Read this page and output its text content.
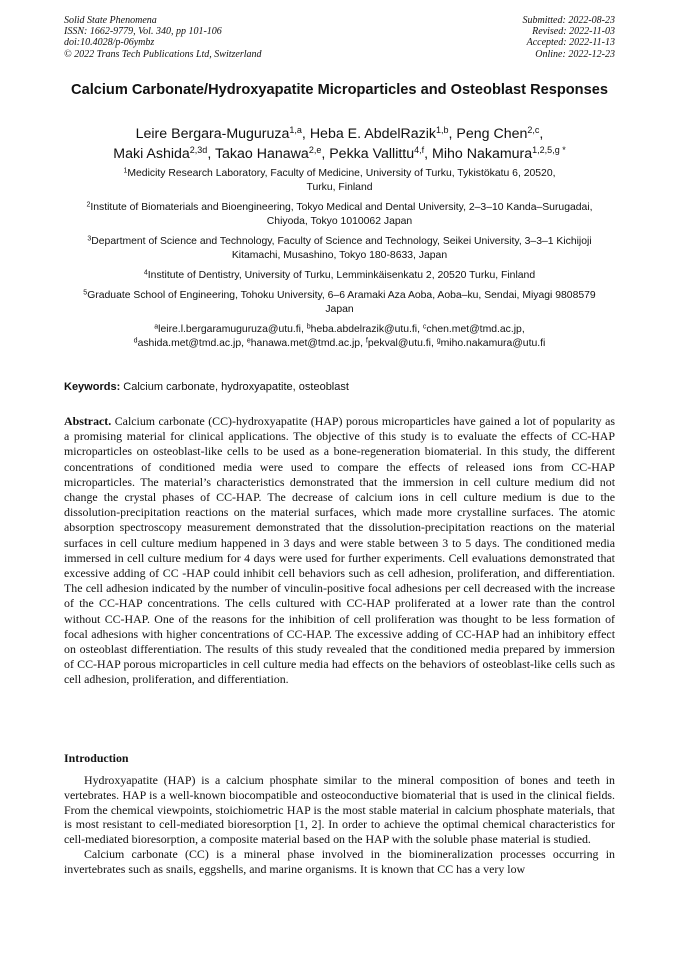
Solid State Phenomena
ISSN: 1662-9779, Vol. 340, pp 101-106
doi:10.4028/p-06ymbz
© 2022 Trans Tech Publications Ltd, Switzerland
Submitted: 2022-08-23
Revised: 2022-11-03
Accepted: 2022-11-13
Online: 2022-12-23
Calcium Carbonate/Hydroxyapatite Microparticles and Osteoblast Responses
Leire Bergara-Muguruza$^{1,a}$, Heba E. AbdelRazik$^{1,b}$, Peng Chen$^{2,c}$,
Maki Ashida$^{2,3d}$, Takao Hanawa$^{2,e}$, Pekka Vallittu$^{4,f}$, Miho Nakamura$^{1,2,5,g *}$
$^1$Medicity Research Laboratory, Faculty of Medicine, University of Turku, Tykistökatu 6, 20520, Turku, Finland
$^2$Institute of Biomaterials and Bioengineering, Tokyo Medical and Dental University, 2–3–10 Kanda–Surugadai, Chiyoda, Tokyo 1010062 Japan
$^3$Department of Science and Technology, Faculty of Science and Technology, Seikei University, 3–3–1 Kichijoji Kitamachi, Musashino, Tokyo 180-8633, Japan
$^4$Institute of Dentistry, University of Turku, Lemminkäisenkatu 2, 20520 Turku, Finland
$^5$Graduate School of Engineering, Tohoku University, 6–6 Aramaki Aza Aoba, Aoba–ku, Sendai, Miyagi 9808579 Japan
$^a$leire.l.bergaramuguruza@utu.fi, $^b$heba.abdelrazik@utu.fi, $^c$chen.met@tmd.ac.jp,
$^d$ashida.met@tmd.ac.jp, $^e$hanawa.met@tmd.ac.jp, $^f$pekval@utu.fi, $^g$miho.nakamura@utu.fi
Keywords: Calcium carbonate, hydroxyapatite, osteoblast

Abstract. Calcium carbonate (CC)-hydroxyapatite (HAP) porous microparticles have gained a lot of popularity as a promising material for clinical applications. The objective of this study is to evaluate the effects of CC-HAP microparticles on osteoblast-like cells to be used as a bone-regeneration biomaterial. In this study, the different concentrations of conditioned media were used to compare the effects of released ions from CC-HAP microparticles. The material’s characteristics demonstrated that the immersion in cell culture medium did not change the crystal phases of CC-HAP. The decrease of calcium ions in cell culture medium is due to the dissolution-precipitation reactions on the material surfaces, which made more crystalline surfaces. The atomic absorption spectroscopy measurement demonstrated that the dissolution-precipitation reactions on the material surfaces in cell culture medium happened in 3 days and were stable between 3 to 5 days. The conditioned media immersed in cell culture medium for 4 days were used for further experiments. Cell evaluations demonstrated that excessive adding of CC -HAP could inhibit cell behaviors such as cell adhesion, proliferation, and differentiation. The cell adhesion indicated by the number of vinculin-positive focal adhesions per cell decreased with the increase of the CC-HAP concentrations. The cells cultured with CC-HAP proliferated at a lower rate than the control without CC-HAP. One of the reasons for the inhibition of cell proliferation was thought to be less formation of focal adhesions with higher concentrations of CC-HAP. The excessive adding of CC-HAP had an inhibitory effect on osteoblast differentiation. The results of this study revealed that the conditioned media prepared by immersion of CC-HAP porous microparticles in cell culture media had effects on the behaviors of osteoblast-like cells such as cell adhesion, proliferation, and differentiation.

Introduction

Hydroxyapatite (HAP) is a calcium phosphate similar to the mineral composition of bones and teeth in vertebrates. HAP is a well-known biocompatible and osteoconductive biomaterial that is used in the clinical fields. From the chemical viewpoints, stoichiometric HAP is the most stable material in calcium phosphate materials, that is most resistant to cell-mediated bioresorption [1, 2]. In order to achieve the optimal chemical characteristics for cell-mediated bioresorption, a composite material based on the HAP with the soluble phase material is studied.

Calcium carbonate (CC) is a mineral phase involved in the biomineralization processes occurring in invertebrates such as snails, eggshells, and marine organisms. It is known that CC has a very low
